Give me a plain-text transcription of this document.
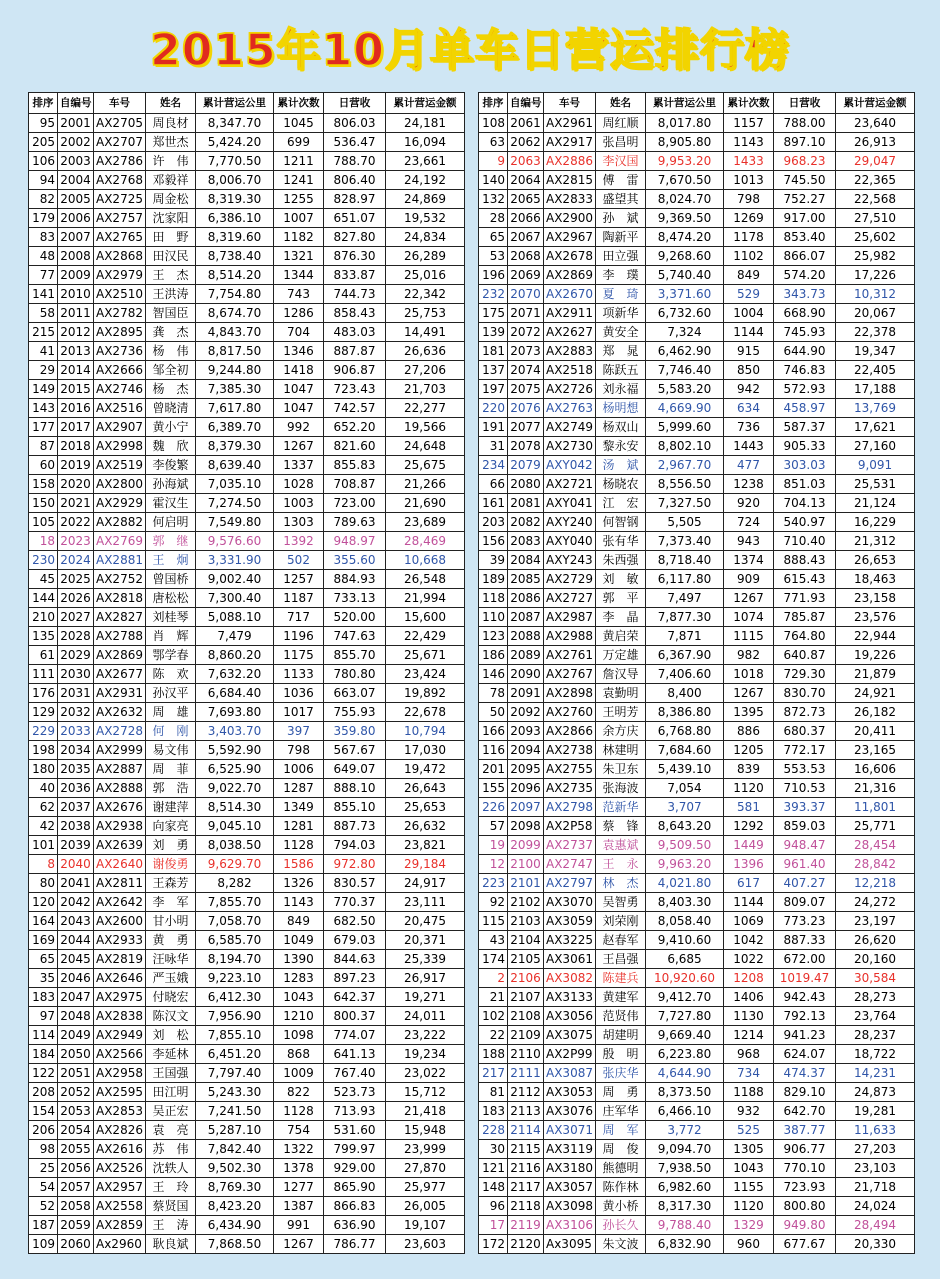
2015年10月单车日营运排行榜
排序	自编号	车号	姓名	累计营运公里	累计次数	日营收	累计营运金额
95	2001	AX2705	周良材	8,347.70	1045	806.03	24,181
205	2002	AX2707	郑世杰	5,424.20	699	536.47	16,094
106	2003	AX2786	许　伟	7,770.50	1211	788.70	23,661
94	2004	AX2768	邓毅祥	8,006.70	1241	806.40	24,192
82	2005	AX2725	周金松	8,319.30	1255	828.97	24,869
179	2006	AX2757	沈家阳	6,386.10	1007	651.07	19,532
83	2007	AX2765	田　野	8,319.60	1182	827.80	24,834
48	2008	AX2868	田汉民	8,738.40	1321	876.30	26,289
77	2009	AX2979	王　杰	8,514.20	1344	833.87	25,016
141	2010	AX2510	王洪涛	7,754.80	743	744.73	22,342
58	2011	AX2782	智国臣	8,674.70	1286	858.43	25,753
215	2012	AX2895	龚　杰	4,843.70	704	483.03	14,491
41	2013	AX2736	杨　伟	8,817.50	1346	887.87	26,636
29	2014	AX2666	邹全初	9,244.80	1418	906.87	27,206
149	2015	AX2746	杨　杰	7,385.30	1047	723.43	21,703
143	2016	AX2516	曾晓清	7,617.80	1047	742.57	22,277
177	2017	AX2907	黄小宁	6,389.70	992	652.20	19,566
87	2018	AX2998	魏　欣	8,379.30	1267	821.60	24,648
60	2019	AX2519	李俊繁	8,639.40	1337	855.83	25,675
158	2020	AX2800	孙海斌	7,035.10	1028	708.87	21,266
150	2021	AX2929	霍汉生	7,274.50	1003	723.00	21,690
105	2022	AX2882	何启明	7,549.80	1303	789.63	23,689
18	2023	AX2769	郭　继	9,576.60	1392	948.97	28,469
230	2024	AX2881	王　炯	3,331.90	502	355.60	10,668
45	2025	AX2752	曾国桥	9,002.40	1257	884.93	26,548
144	2026	AX2818	唐松松	7,300.40	1187	733.13	21,994
210	2027	AX2827	刘桂琴	5,088.10	717	520.00	15,600
135	2028	AX2788	肖　辉	7,479	1196	747.63	22,429
61	2029	AX2869	鄂学春	8,860.20	1175	855.70	25,671
111	2030	AX2677	陈　欢	7,632.20	1133	780.80	23,424
176	2031	AX2931	孙汉平	6,684.40	1036	663.07	19,892
129	2032	AX2632	周　雄	7,693.80	1017	755.93	22,678
229	2033	AX2728	何　刚	3,403.70	397	359.80	10,794
198	2034	AX2999	易文伟	5,592.90	798	567.67	17,030
180	2035	AX2887	周　菲	6,525.90	1006	649.07	19,472
40	2036	AX2888	郭　浩	9,022.70	1287	888.10	26,643
62	2037	AX2676	谢建萍	8,514.30	1349	855.10	25,653
42	2038	AX2938	向家亮	9,045.10	1281	887.73	26,632
101	2039	AX2639	刘　勇	8,038.50	1128	794.03	23,821
8	2040	AX2640	谢俊勇	9,629.70	1586	972.80	29,184
80	2041	AX2811	王森芳	8,282	1326	830.57	24,917
120	2042	AX2642	李　军	7,855.70	1143	770.37	23,111
164	2043	AX2600	甘小明	7,058.70	849	682.50	20,475
169	2044	AX2933	黄　勇	6,585.70	1049	679.03	20,371
65	2045	AX2819	汪咏华	8,194.70	1390	844.63	25,339
35	2046	AX2646	严玉娥	9,223.10	1283	897.23	26,917
183	2047	AX2975	付晓宏	6,412.30	1043	642.37	19,271
97	2048	AX2838	陈汉文	7,956.90	1210	800.37	24,011
114	2049	AX2949	刘　松	7,855.10	1098	774.07	23,222
184	2050	AX2566	李延林	6,451.20	868	641.13	19,234
122	2051	AX2958	王国强	7,797.40	1009	767.40	23,022
208	2052	AX2595	田江明	5,243.30	822	523.73	15,712
154	2053	AX2853	吴正宏	7,241.50	1128	713.93	21,418
206	2054	AX2826	袁　亮	5,287.10	754	531.60	15,948
98	2055	AX2616	苏　伟	7,842.40	1322	799.97	23,999
25	2056	AX2526	沈轶人	9,502.30	1378	929.00	27,870
54	2057	AX2957	王　玲	8,769.30	1277	865.90	25,977
52	2058	AX2558	蔡贤国	8,423.20	1387	866.83	26,005
187	2059	AX2859	王　涛	6,434.90	991	636.90	19,107
109	2060	Ax2960	耿良斌	7,868.50	1267	786.77	23,603
排序	自编号	车号	姓名	累计营运公里	累计次数	日营收	累计营运金额
108	2061	AX2961	周红顺	8,017.80	1157	788.00	23,640
63	2062	AX2917	张昌明	8,905.80	1143	897.10	26,913
9	2063	AX2886	李汉国	9,953.20	1433	968.23	29,047
140	2064	AX2815	傅　雷	7,670.50	1013	745.50	22,365
132	2065	AX2833	盛望其	8,024.70	798	752.27	22,568
28	2066	AX2900	孙　斌	9,369.50	1269	917.00	27,510
65	2067	AX2967	陶新平	8,474.20	1178	853.40	25,602
53	2068	AX2678	田立强	9,268.60	1102	866.07	25,982
196	2069	AX2869	李　璞	5,740.40	849	574.20	17,226
232	2070	AX2670	夏　琦	3,371.60	529	343.73	10,312
175	2071	AX2911	项新华	6,732.60	1004	668.90	20,067
139	2072	AX2627	黄安全	7,324	1144	745.93	22,378
181	2073	AX2883	郑　晁	6,462.90	915	644.90	19,347
137	2074	AX2518	陈跃五	7,746.40	850	746.83	22,405
197	2075	AX2726	刘永福	5,583.20	942	572.93	17,188
220	2076	AX2763	杨明想	4,669.90	634	458.97	13,769
191	2077	AX2749	杨双山	5,999.60	736	587.37	17,621
31	2078	AX2730	黎永安	8,802.10	1443	905.33	27,160
234	2079	AXY042	汤　斌	2,967.70	477	303.03	9,091
66	2080	AX2721	杨晓农	8,556.50	1238	851.03	25,531
161	2081	AXY041	江　宏	7,327.50	920	704.13	21,124
203	2082	AXY240	何智钢	5,505	724	540.97	16,229
156	2083	AXY040	张有华	7,373.40	943	710.40	21,312
39	2084	AXY243	朱西强	8,718.40	1374	888.43	26,653
189	2085	AX2729	刘　敏	6,117.80	909	615.43	18,463
118	2086	AX2727	郭　平	7,497	1267	771.93	23,158
110	2087	AX2987	李　晶	7,877.30	1074	785.87	23,576
123	2088	AX2988	黄启荣	7,871	1115	764.80	22,944
186	2089	AX2761	万定雄	6,367.90	982	640.87	19,226
146	2090	AX2767	詹汉导	7,406.60	1018	729.30	21,879
78	2091	AX2898	袁勤明	8,400	1267	830.70	24,921
50	2092	AX2760	王明芳	8,386.80	1395	872.73	26,182
166	2093	AX2866	余方庆	6,768.80	886	680.37	20,411
116	2094	AX2738	林建明	7,684.60	1205	772.17	23,165
201	2095	AX2755	朱卫东	5,439.10	839	553.53	16,606
155	2096	AX2735	张海波	7,054	1120	710.53	21,316
226	2097	AX2798	范新华	3,707	581	393.37	11,801
57	2098	AX2P58	蔡　锋	8,643.20	1292	859.03	25,771
19	2099	AX2737	袁惠斌	9,509.50	1449	948.47	28,454
12	2100	AX2747	王　永	9,963.20	1396	961.40	28,842
223	2101	AX2797	林　杰	4,021.80	617	407.27	12,218
92	2102	AX3070	吴智勇	8,403.30	1144	809.07	24,272
115	2103	AX3059	刘荣刚	8,058.40	1069	773.23	23,197
43	2104	AX3225	赵春军	9,410.60	1042	887.33	26,620
174	2105	AX3061	王昌强	6,685	1022	672.00	20,160
2	2106	AX3082	陈建兵	10,920.60	1208	1019.47	30,584
21	2107	AX3133	黄建军	9,412.70	1406	942.43	28,273
102	2108	AX3056	范贤伟	7,727.80	1130	792.13	23,764
22	2109	AX3075	胡建明	9,669.40	1214	941.23	28,237
188	2110	AX2P99	殷　明	6,223.80	968	624.07	18,722
217	2111	AX3087	张庆华	4,644.90	734	474.37	14,231
81	2112	AX3053	周　勇	8,373.50	1188	829.10	24,873
183	2113	AX3076	庄军华	6,466.10	932	642.70	19,281
228	2114	AX3071	周　军	3,772	525	387.77	11,633
30	2115	AX3119	周　俊	9,094.70	1305	906.77	27,203
121	2116	AX3180	熊德明	7,938.50	1043	770.10	23,103
148	2117	AX3057	陈作林	6,982.60	1155	723.93	21,718
96	2118	AX3098	黄小桥	8,317.30	1120	800.80	24,024
17	2119	AX3106	孙长久	9,788.40	1329	949.80	28,494
172	2120	Ax3095	朱文波	6,832.90	960	677.67	20,330
